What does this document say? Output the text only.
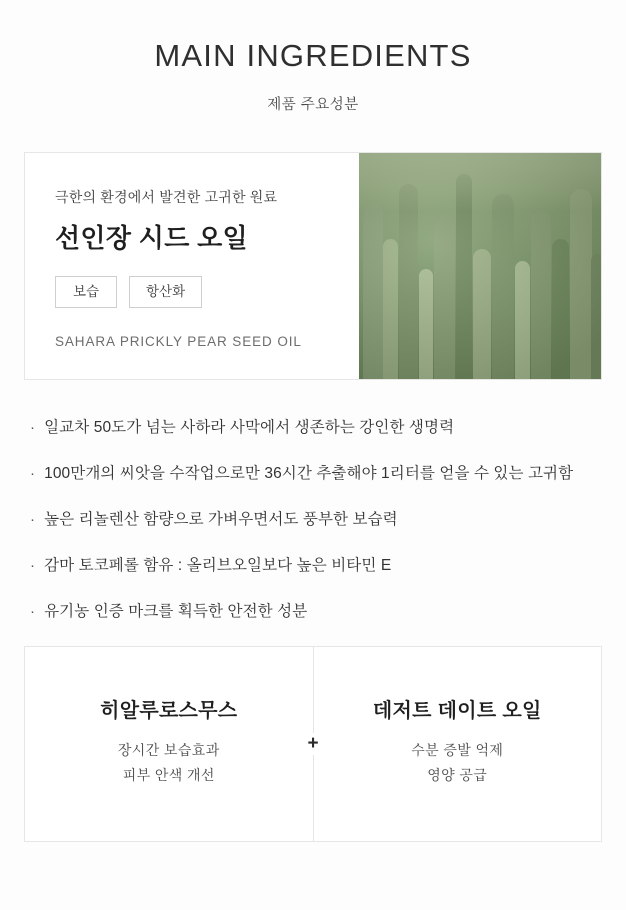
MAIN INGREDIENTS
제품 주요성분
극한의 환경에서 발견한 고귀한 원료
선인장 시드 오일
보습	항산화
SAHARA PRICKLY PEAR SEED OIL
· 일교차 50도가 넘는 사하라 사막에서 생존하는 강인한 생명력
· 100만개의 씨앗을 수작업으로만 36시간 추출해야 1리터를 얻을 수 있는 고귀함
· 높은 리놀렌산 함량으로 가벼우면서도 풍부한 보습력
· 감마 토코페롤 함유 : 올리브오일보다 높은 비타민 E
· 유기농 인증 마크를 획득한 안전한 성분
히알루로스무스
장시간 보습효과
피부 안색 개선
데저트 데이트 오일
수분 증발 억제
영양 공급
+
